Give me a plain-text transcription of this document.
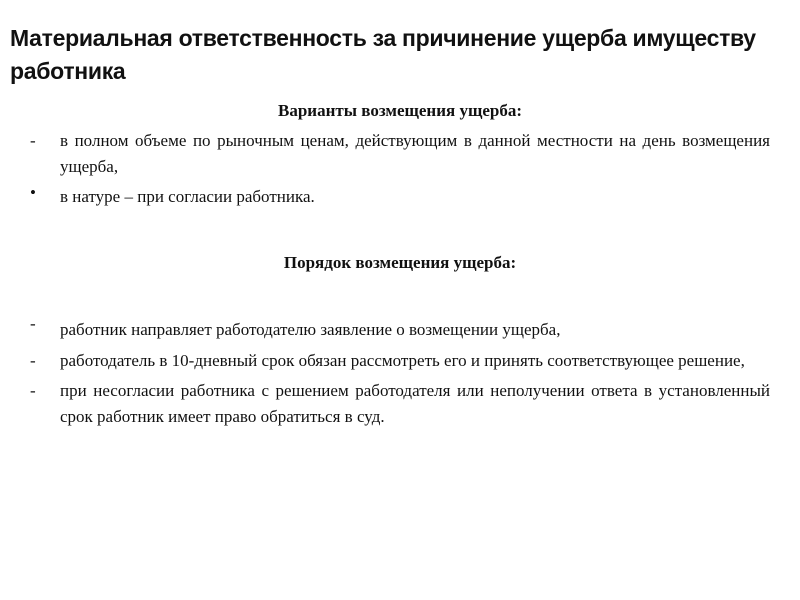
Материальная ответственность за причинение ущерба имуществу работника

Варианты возмещения ущерба:

- в полном объеме по рыночным ценам, действующим в данной местности на день возмещения ущерба,

• в натуре – при согласии работника.

Порядок возмещения ущерба:

- работник направляет работодателю заявление о возмещении ущерба,

- работодатель в 10-дневный срок обязан рассмотреть его и принять соответствующее решение,

- при несогласии работника с решением работодателя или неполучении ответа в установленный срок работник имеет право обратиться в суд.
